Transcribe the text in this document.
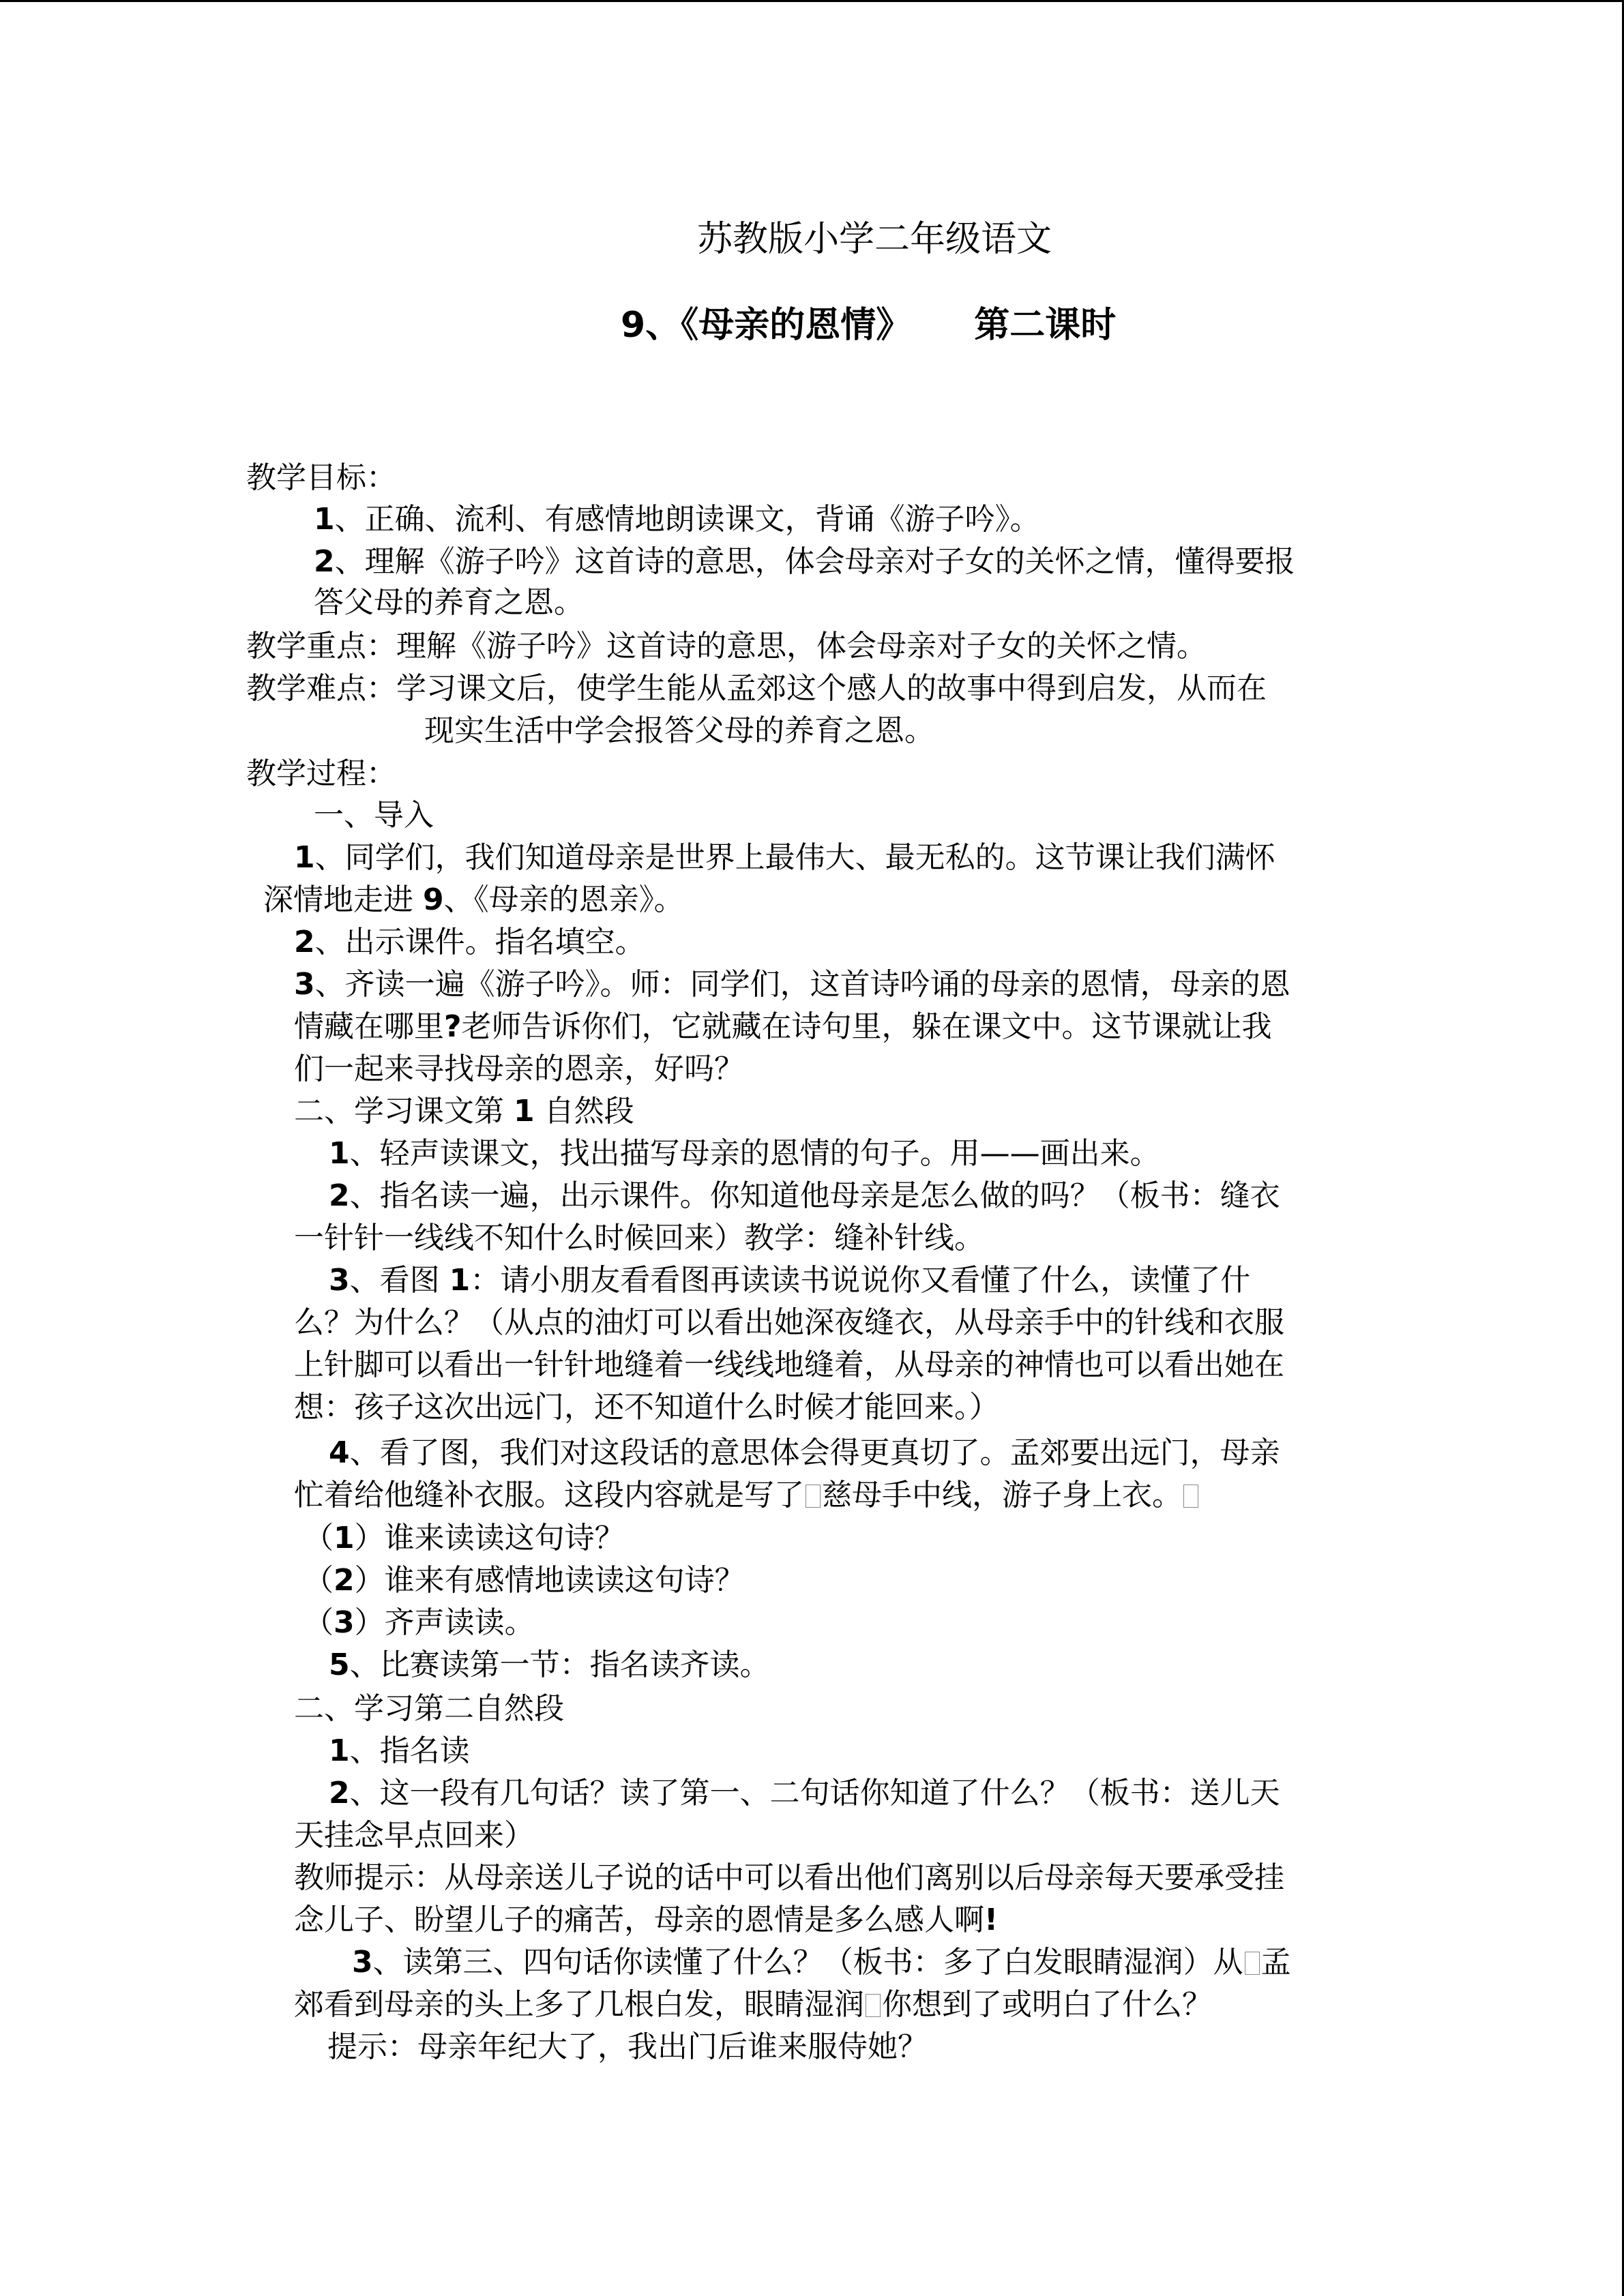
苏教版小学二年级语文
9、《母亲的恩情》 第二课时
教学目标：
1、正确、流利、有感情地朗读课文，背诵《游子吟》。
2、理解《游子吟》这首诗的意思，体会母亲对子女的关怀之情，懂得要报
答父母的养育之恩。
教学重点：理解《游子吟》这首诗的意思，体会母亲对子女的关怀之情。
教学难点：学习课文后，使学生能从孟郊这个感人的故事中得到启发，从而在
现实生活中学会报答父母的养育之恩。
教学过程：
一、导入
1、同学们，我们知道母亲是世界上最伟大、最无私的。这节课让我们满怀
深情地走进 9、《母亲的恩亲》。
2、出示课件。指名填空。
3、齐读一遍《游子吟》。师：同学们，这首诗吟诵的母亲的恩情，母亲的恩
情藏在哪里?老师告诉你们，它就藏在诗句里，躲在课文中。这节课就让我
们一起来寻找母亲的恩亲，好吗？
二、学习课文第 1 自然段
1、轻声读课文，找出描写母亲的恩情的句子。用——画出来。
2、指名读一遍，出示课件。你知道他母亲是怎么做的吗？（板书：缝衣
一针针一线线不知什么时候回来）教学：缝补针线。
3、看图 1：请小朋友看看图再读读书说说你又看懂了什么，读懂了什
么？为什么？（从点的油灯可以看出她深夜缝衣，从母亲手中的针线和衣服
上针脚可以看出一针针地缝着一线线地缝着，从母亲的神情也可以看出她在
想：孩子这次出远门，还不知道什么时候才能回来。）
4、看了图，我们对这段话的意思体会得更真切了。孟郊要出远门，母亲
忙着给他缝补衣服。这段内容就是写了 慈母手中线，游子身上衣。
（1）谁来读读这句诗？
（2）谁来有感情地读读这句诗？
（3）齐声读读。
5、比赛读第一节：指名读齐读。
二、学习第二自然段
1、指名读
2、这一段有几句话？读了第一、二句话你知道了什么？（板书：送儿天
天挂念早点回来）
教师提示：从母亲送儿子说的话中可以看出他们离别以后母亲每天要承受挂
念儿子、盼望儿子的痛苦，母亲的恩情是多么感人啊!
3、读第三、四句话你读懂了什么？（板书：多了白发眼睛湿润）从 孟
郊看到母亲的头上多了几根白发，眼睛湿润 你想到了或明白了什么？
提示：母亲年纪大了，我出门后谁来服侍她？
